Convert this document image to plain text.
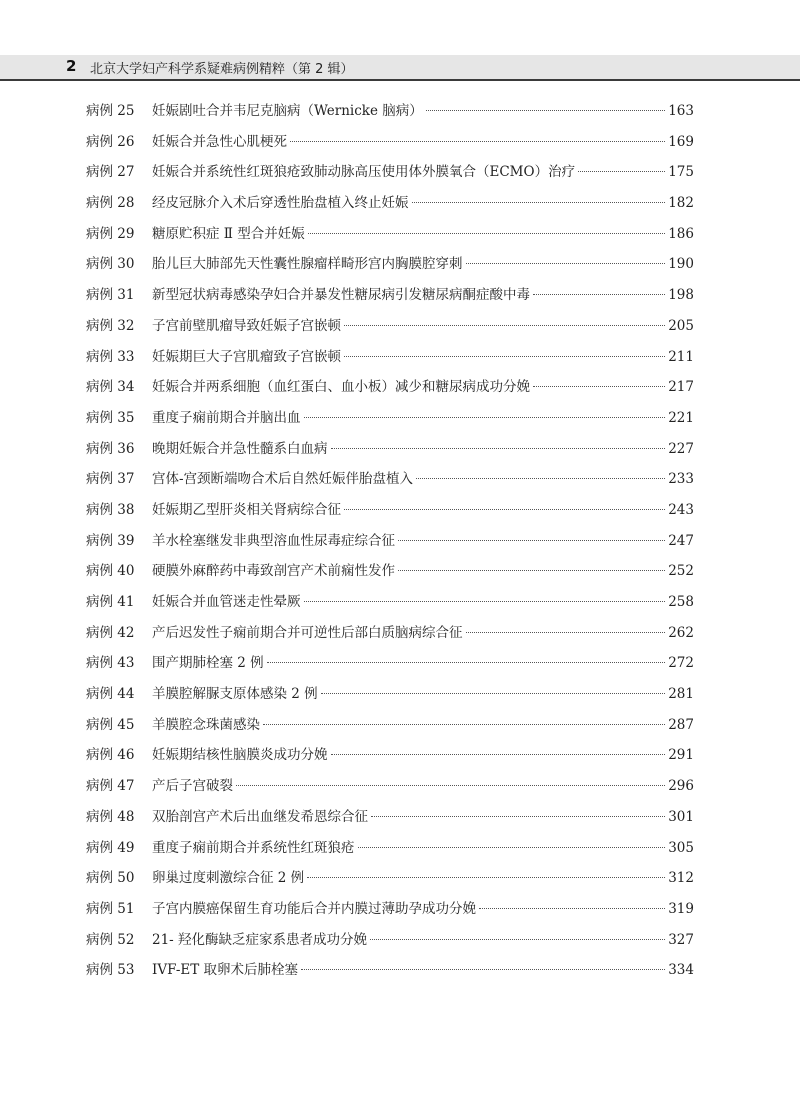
2 北京大学妇产科学系疑难病例精粹（第 2 辑）
病例 25	妊娠剧吐合并韦尼克脑病（Wernicke 脑病）	163
病例 26	妊娠合并急性心肌梗死	169
病例 27	妊娠合并系统性红斑狼疮致肺动脉高压使用体外膜氧合（ECMO）治疗	175
病例 28	经皮冠脉介入术后穿透性胎盘植入终止妊娠	182
病例 29	糖原贮积症 Ⅱ 型合并妊娠	186
病例 30	胎儿巨大肺部先天性囊性腺瘤样畸形宫内胸膜腔穿刺	190
病例 31	新型冠状病毒感染孕妇合并暴发性糖尿病引发糖尿病酮症酸中毒	198
病例 32	子宫前壁肌瘤导致妊娠子宫嵌顿	205
病例 33	妊娠期巨大子宫肌瘤致子宫嵌顿	211
病例 34	妊娠合并两系细胞（血红蛋白、血小板）减少和糖尿病成功分娩	217
病例 35	重度子痫前期合并脑出血	221
病例 36	晚期妊娠合并急性髓系白血病	227
病例 37	宫体-宫颈断端吻合术后自然妊娠伴胎盘植入	233
病例 38	妊娠期乙型肝炎相关肾病综合征	243
病例 39	羊水栓塞继发非典型溶血性尿毒症综合征	247
病例 40	硬膜外麻醉药中毒致剖宫产术前痫性发作	252
病例 41	妊娠合并血管迷走性晕厥	258
病例 42	产后迟发性子痫前期合并可逆性后部白质脑病综合征	262
病例 43	围产期肺栓塞 2 例	272
病例 44	羊膜腔解脲支原体感染 2 例	281
病例 45	羊膜腔念珠菌感染	287
病例 46	妊娠期结核性脑膜炎成功分娩	291
病例 47	产后子宫破裂	296
病例 48	双胎剖宫产术后出血继发希恩综合征	301
病例 49	重度子痫前期合并系统性红斑狼疮	305
病例 50	卵巢过度刺激综合征 2 例	312
病例 51	子宫内膜癌保留生育功能后合并内膜过薄助孕成功分娩	319
病例 52	21- 羟化酶缺乏症家系患者成功分娩	327
病例 53	IVF-ET 取卵术后肺栓塞	334
